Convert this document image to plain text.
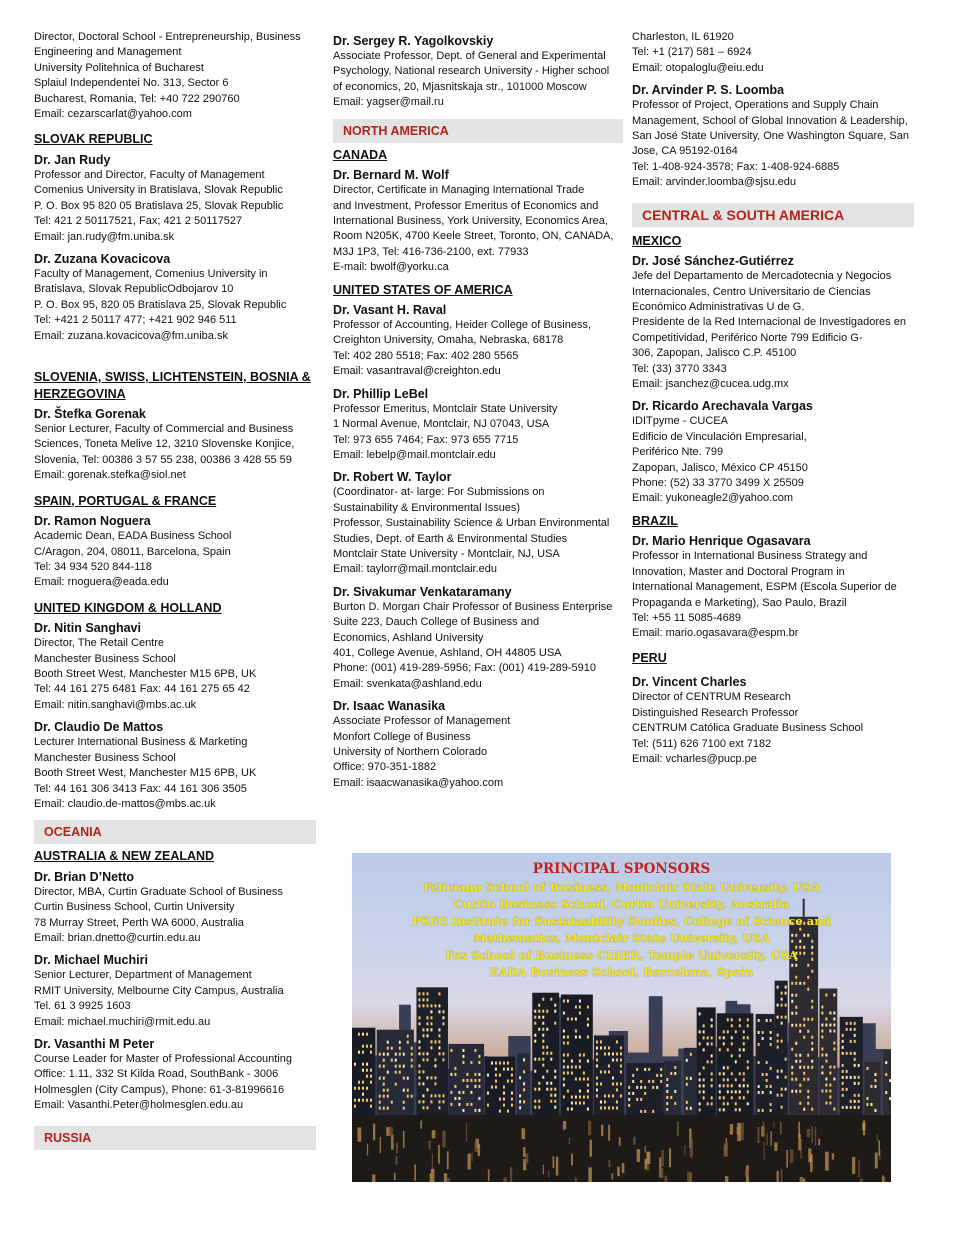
Director, Doctoral School - Entrepreneurship, Business
Engineering and Management
University Politehnica of Bucharest
Splaiul Independentei No. 313, Sector 6
Bucharest, Romania, Tel: +40 722 290760
Email: cezarscarlat@yahoo.com
SLOVAK REPUBLIC
Dr. Jan Rudy
Professor and Director, Faculty of Management
Comenius University in Bratislava, Slovak Republic
P. O. Box 95 820 05 Bratislava 25, Slovak Republic
Tel: 421 2 50117521, Fax; 421 2 50117527
Email: jan.rudy@fm.uniba.sk
Dr. Zuzana Kovacicova
Faculty of Management, Comenius University in
Bratislava, Slovak RepublicOdbojarov 10
P. O. Box 95, 820 05 Bratislava 25, Slovak Republic
Tel: +421 2 50117 477; +421 902 946 511
Email: zuzana.kovacicova@fm.uniba.sk
SLOVENIA, SWISS, LICHTENSTEIN, BOSNIA & HERZEGOVINA
Dr. Štefka Gorenak
Senior Lecturer, Faculty of Commercial and Business
Sciences, Toneta Melive 12, 3210 Slovenske Konjice,
Slovenia, Tel: 00386 3 57 55 238, 00386 3 428 55 59
Email: gorenak.stefka@siol.net
SPAIN, PORTUGAL & FRANCE
Dr. Ramon Noguera
Academic Dean, EADA Business School
C/Aragon, 204, 08011, Barcelona, Spain
Tel: 34 934 520 844-118
Email: rnoguera@eada.edu
UNITED KINGDOM & HOLLAND
Dr. Nitin Sanghavi
Director, The Retail Centre
Manchester Business School
Booth Street West, Manchester M15 6PB, UK
Tel: 44 161 275 6481 Fax: 44 161 275 65 42
Email: nitin.sanghavi@mbs.ac.uk
Dr. Claudio De Mattos
Lecturer International Business & Marketing
Manchester Business School
Booth Street West, Manchester M15 6PB, UK
Tel: 44 161 306 3413 Fax: 44 161 306 3505
Email: claudio.de-mattos@mbs.ac.uk
OCEANIA
AUSTRALIA & NEW ZEALAND
Dr. Brian D’Netto
Director, MBA, Curtin Graduate School of Business
Curtin Business School, Curtin University
78 Murray Street, Perth WA 6000, Australia
Email: brian.dnetto@curtin.edu.au
Dr. Michael Muchiri
Senior Lecturer, Department of Management
RMIT University, Melbourne City Campus, Australia
Tel. 61 3 9925 1603
Email: michael.muchiri@rmit.edu.au
Dr. Vasanthi M Peter
Course Leader for Master of Professional Accounting
Office: 1.11, 332 St Kilda Road, SouthBank - 3006
Holmesglen (City Campus), Phone: 61-3-81996616
Email: Vasanthi.Peter@holmesglen.edu.au
RUSSIA
Dr. Sergey R. Yagolkovskiy
Associate Professor, Dept. of General and Experimental
Psychology, National research University - Higher school
of economics, 20, Mjasnitskaja str., 101000 Moscow
Email: yagser@mail.ru
NORTH AMERICA
CANADA
Dr. Bernard M. Wolf
Director, Certificate in Managing International Trade
and Investment, Professor Emeritus of Economics and
International Business, York University, Economics Area,
Room N205K, 4700 Keele Street, Toronto, ON, CANADA,
M3J 1P3, Tel: 416-736-2100, ext. 77933
E-mail: bwolf@yorku.ca
UNITED STATES OF AMERICA
Dr. Vasant H. Raval
Professor of Accounting, Heider College of Business,
Creighton University, Omaha, Nebraska, 68178
Tel: 402 280 5518; Fax: 402 280 5565
Email: vasantraval@creighton.edu
Dr. Phillip LeBel
Professor Emeritus, Montclair State University
1 Normal Avenue, Montclair, NJ 07043, USA
Tel: 973 655 7464; Fax: 973 655 7715
Email: lebelp@mail.montclair.edu
Dr. Robert W. Taylor
(Coordinator- at- large: For Submissions on
Sustainability & Environmental Issues)
Professor, Sustainability Science & Urban Environmental
Studies, Dept. of Earth & Environmental Studies
Montclair State University - Montclair, NJ, USA
Email: taylorr@mail.montclair.edu
Dr. Sivakumar Venkataramany
Burton D. Morgan Chair Professor of Business Enterprise
Suite 223, Dauch College of Business and
Economics, Ashland University
401, College Avenue, Ashland, OH 44805 USA
Phone: (001) 419-289-5956; Fax: (001) 419-289-5910
Email: svenkata@ashland.edu
Dr. Isaac Wanasika
Associate Professor of Management
Monfort College of Business
University of Northern Colorado
Office: 970-351-1882
Email: isaacwanasika@yahoo.com
Charleston, IL 61920
Tel: +1 (217) 581 – 6924
Email: otopaloglu@eiu.edu
Dr. Arvinder P. S. Loomba
Professor of Project, Operations and Supply Chain
Management, School of Global Innovation & Leadership,
San José State University, One Washington Square, San
Jose, CA 95192-0164
Tel: 1-408-924-3578; Fax: 1-408-924-6885
Email: arvinder.loomba@sjsu.edu
CENTRAL & SOUTH AMERICA
MEXICO
Dr. José Sánchez-Gutiérrez
Jefe del Departamento de Mercadotecnia y Negocios
Internacionales, Centro Universitario de Ciencias
Económico Administrativas U de G.
Presidente de la Red Internacional de Investigadores en
Competitividad, Periférico Norte 799 Edificio G-
306, Zapopan, Jalisco C.P. 45100
Tel: (33) 3770 3343
Email: jsanchez@cucea.udg.mx
Dr. Ricardo Arechavala Vargas
IDITpyme - CUCEA
Edificio de Vinculación Empresarial,
Periférico Nte. 799
Zapopan, Jalisco, México CP 45150
Phone: (52) 33 3770 3499 X 25509
Email: yukoneagle2@yahoo.com
BRAZIL
Dr. Mario Henrique Ogasavara
Professor in International Business Strategy and
Innovation, Master and Doctoral Program in
International Management, ESPM (Escola Superior de
Propaganda e Marketing), Sao Paulo, Brazil
Tel: +55 11 5085-4689
Email: mario.ogasavara@espm.br
PERU
Dr. Vincent Charles
Director of CENTRUM Research
Distinguished Research Professor
CENTRUM Católica Graduate Business School
Tel: (511) 626 7100 ext 7182
Email: vcharles@pucp.pe
PRINCIPAL SPONSORS
Feliciano School of Business, Montclair State University, USA
Curtin Business School, Curtin University, Australia
PSEG Institute for Sustainability Studies, College of Science and
Mathematics, Montclair State University, USA
Fox School of Business CIBER, Temple University, USA
EADA Business School, Barcelona, Spain
